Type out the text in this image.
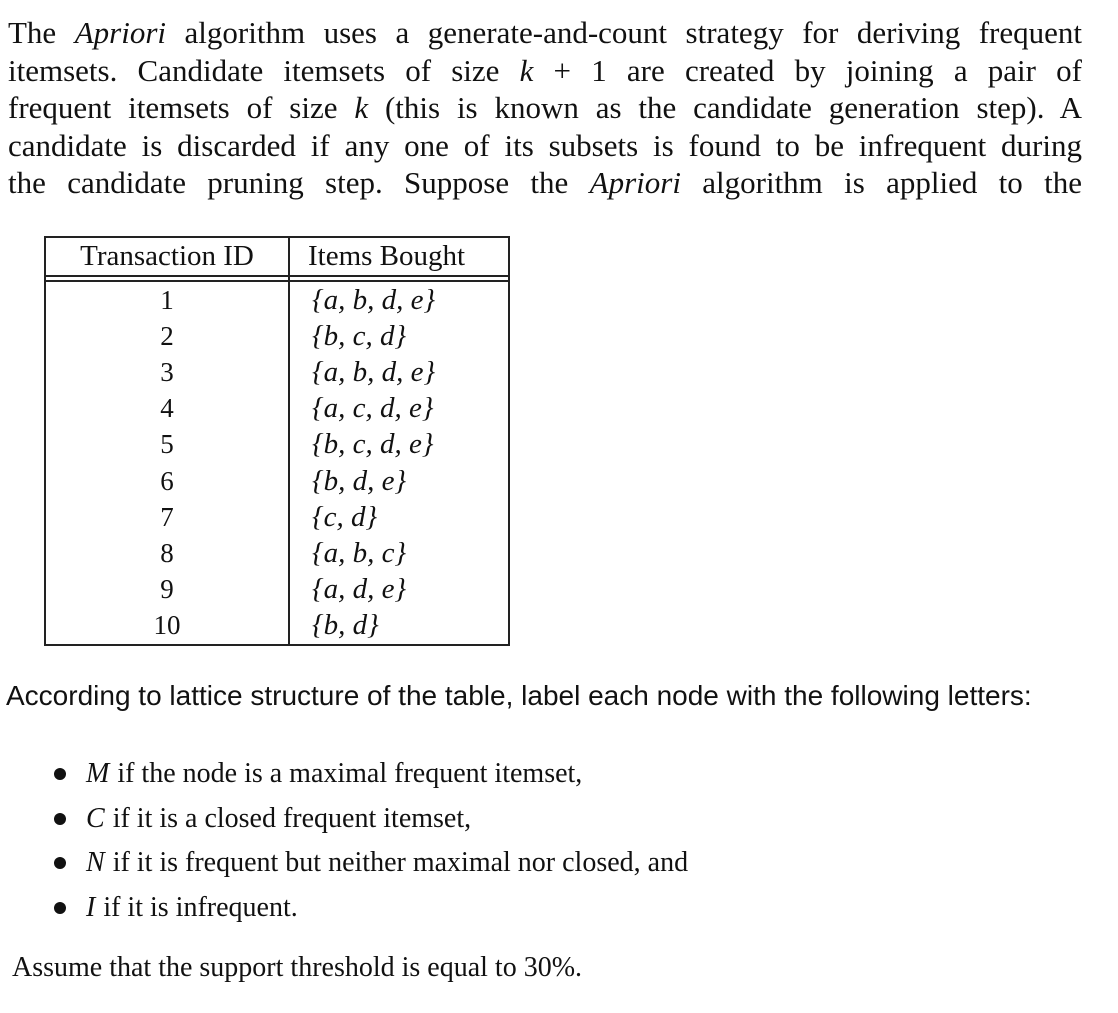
The Apriori algorithm uses a generate-and-count strategy for deriving frequent
itemsets. Candidate itemsets of size k + 1 are created by joining a pair of
frequent itemsets of size k (this is known as the candidate generation step). A
candidate is discarded if any one of its subsets is found to be infrequent during
the candidate pruning step. Suppose the Apriori algorithm is applied to the
Transaction ID	Items Bought

1	{a, b, d, e}
2	{b, c, d}
3	{a, b, d, e}
4	{a, c, d, e}
5	{b, c, d, e}
6	{b, d, e}
7	{c, d}
8	{a, b, c}
9	{a, d, e}
10	{b, d}
According to lattice structure of the table, label each node with the following letters:
M if the node is a maximal frequent itemset,
C if it is a closed frequent itemset,
N if it is frequent but neither maximal nor closed, and
I if it is infrequent.
Assume that the support threshold is equal to 30%.
